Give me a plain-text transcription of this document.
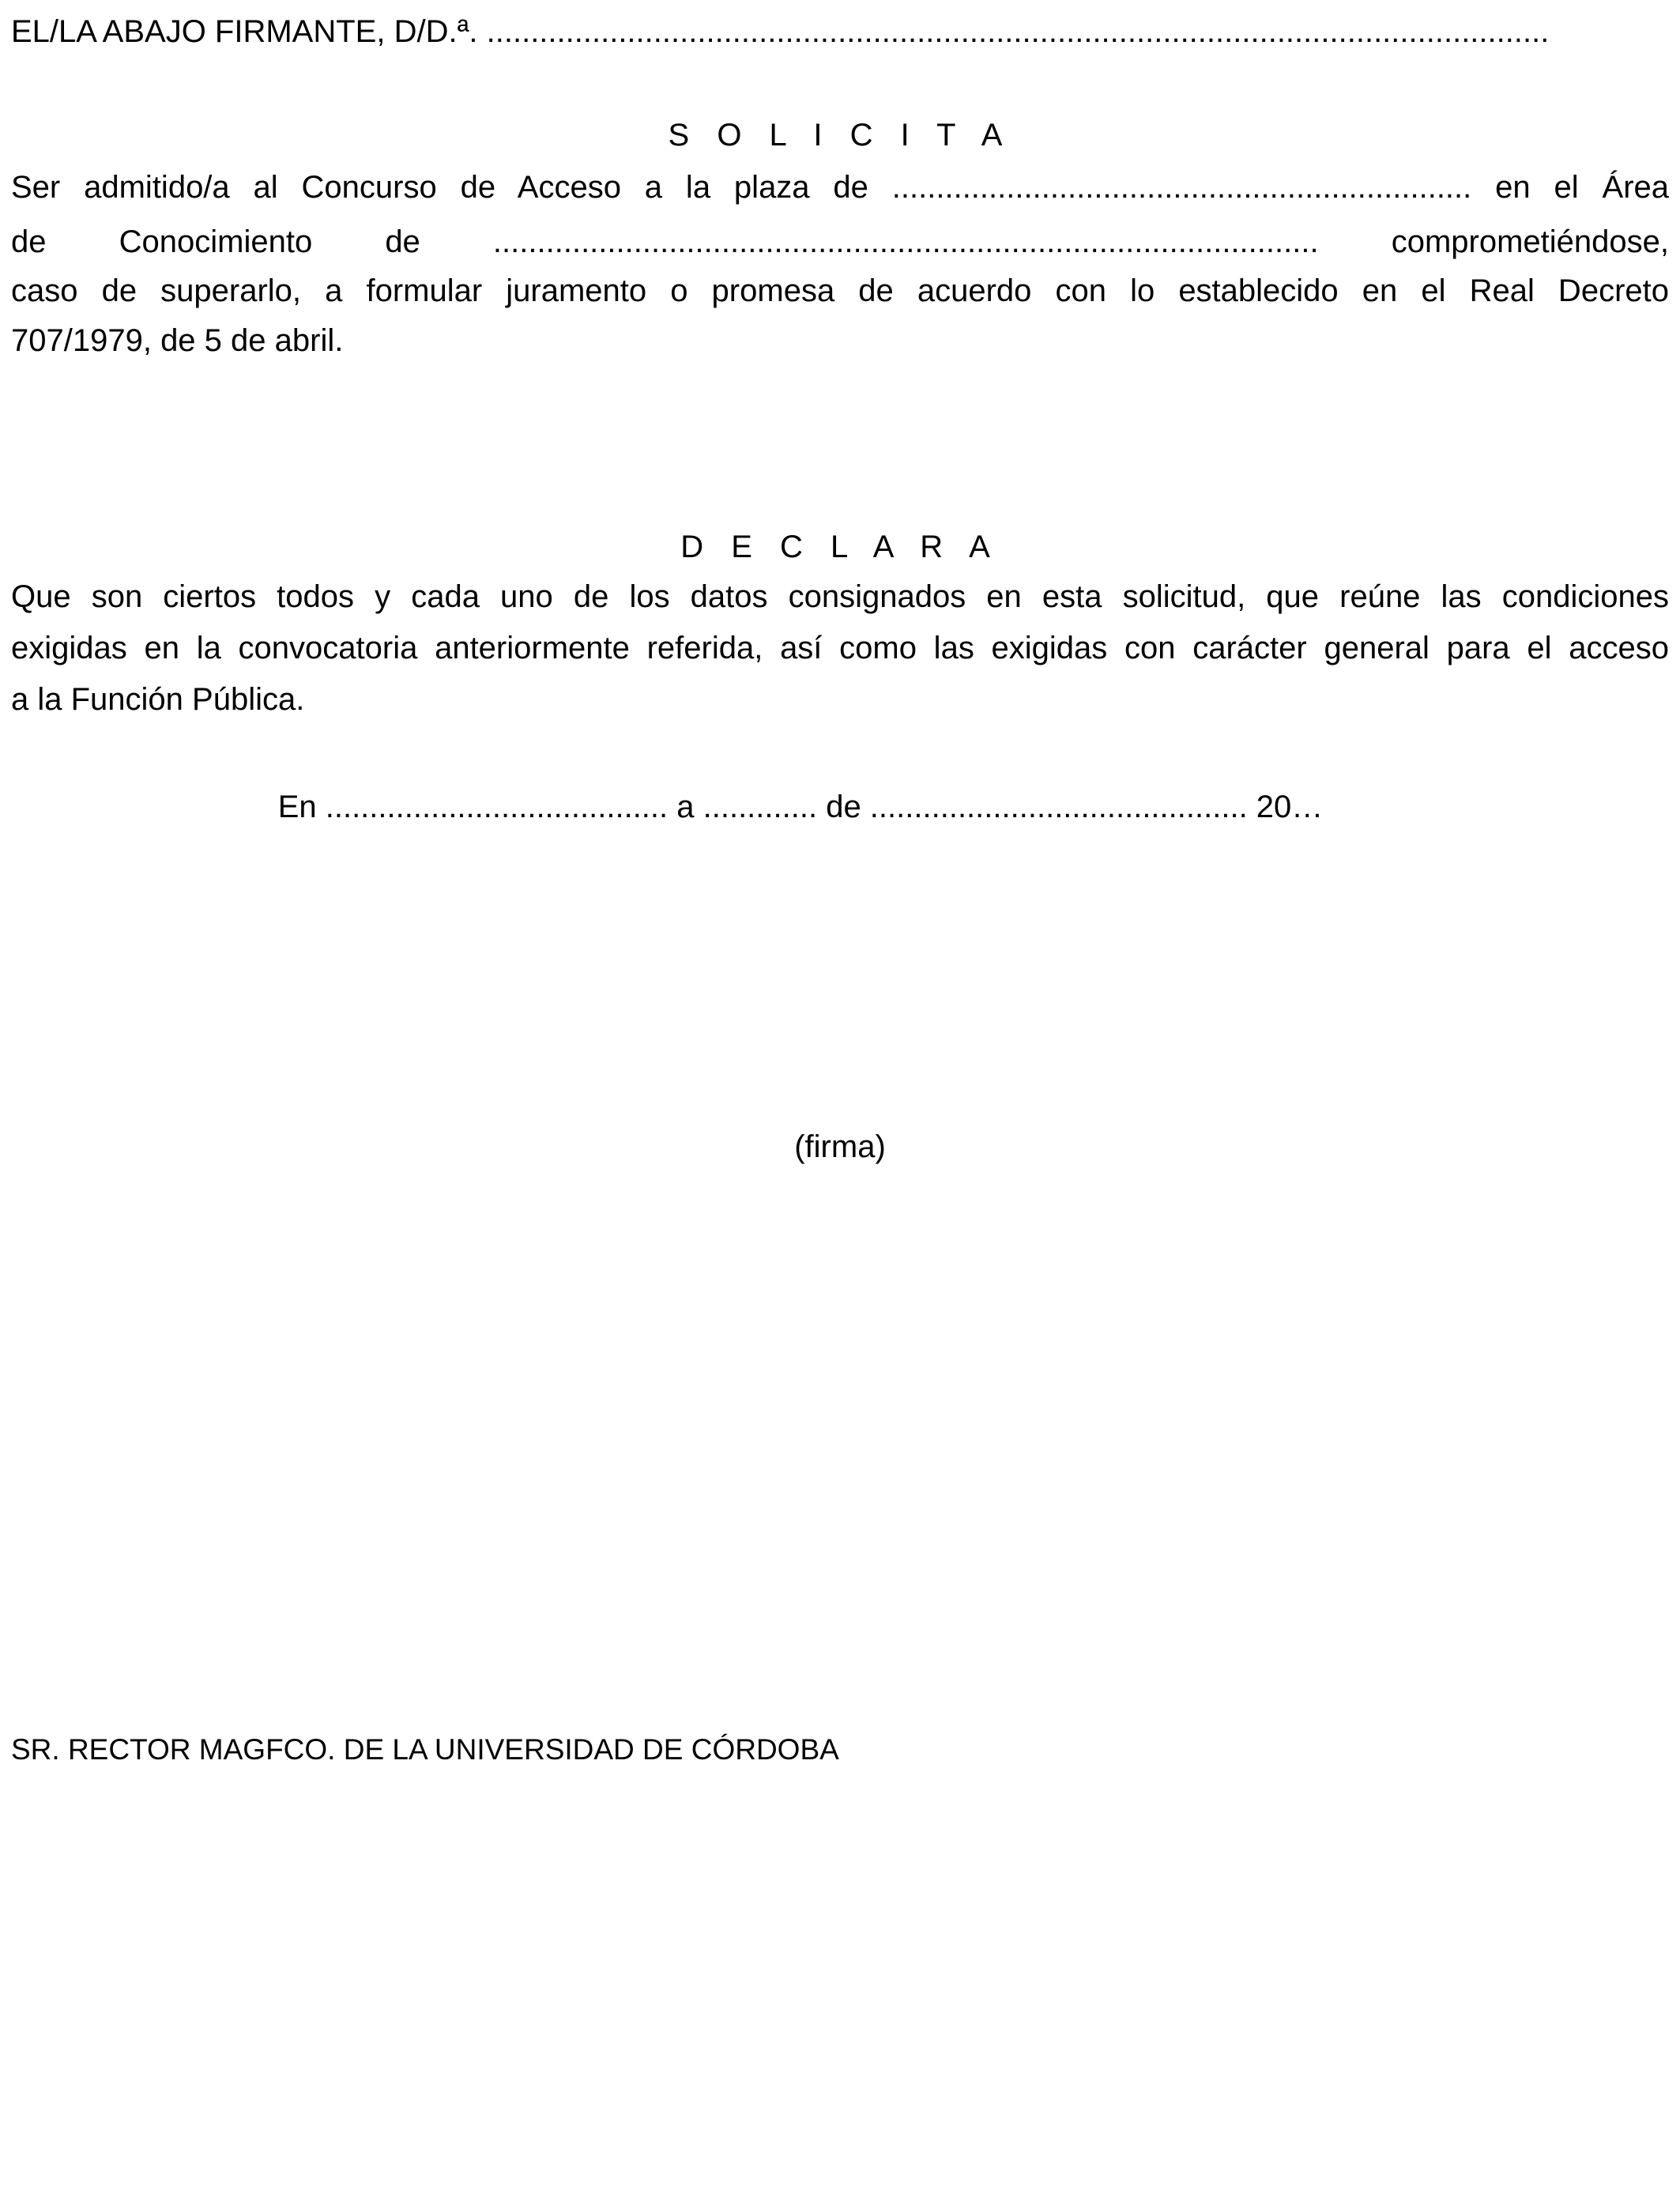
EL/LA ABAJO FIRMANTE, D/D.ª. .........................................................................................................................

S O L I C I T A

Ser admitido/a al Concurso de Acceso a la plaza de .................................................................. en el Área

de Conocimiento de .............................................................................................. comprometiéndose,

caso de superarlo, a formular juramento o promesa de acuerdo con lo establecido en el Real Decreto

707/1979, de 5 de abril.

D E C L A R A

Que son ciertos todos y cada uno de los datos consignados en esta solicitud, que reúne las condiciones

exigidas en la convocatoria anteriormente referida, así como las exigidas con carácter general para el acceso

a la Función Pública.

En ....................................... a ............. de ........................................... 20…

(firma)

SR. RECTOR MAGFCO. DE LA UNIVERSIDAD DE CÓRDOBA
